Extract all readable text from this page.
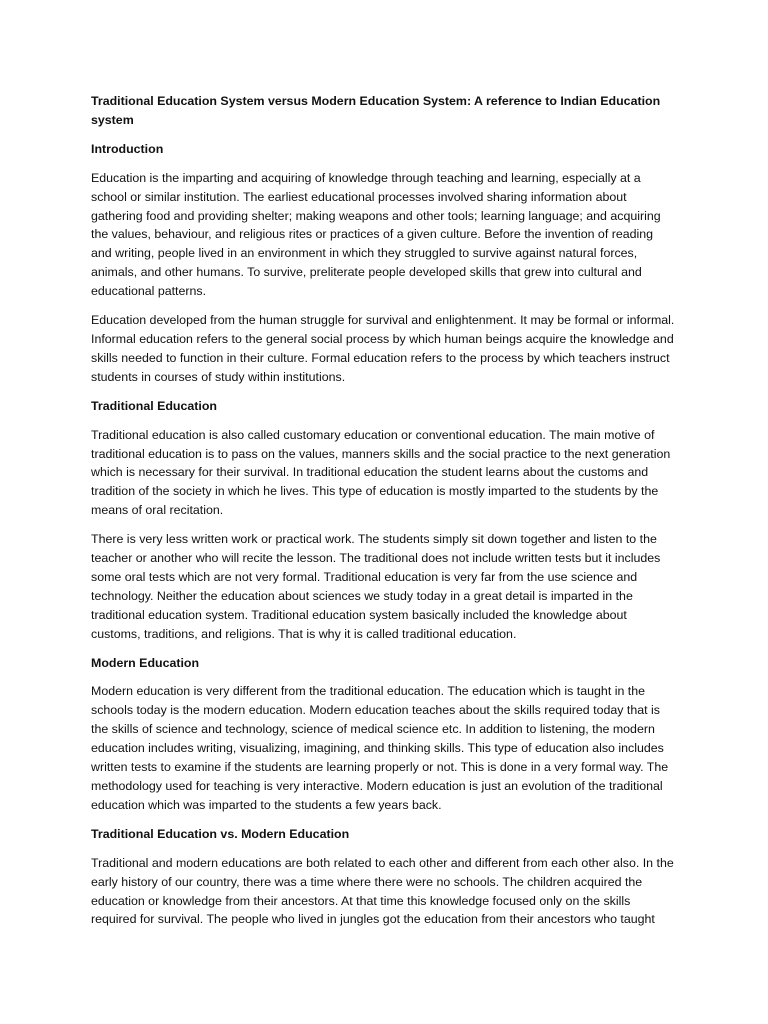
Traditional Education System versus Modern Education System: A reference to Indian Education system

Introduction

Education is the imparting and acquiring of knowledge through teaching and learning, especially at a school or similar institution. The earliest educational processes involved sharing information about gathering food and providing shelter; making weapons and other tools; learning language; and acquiring the values, behaviour, and religious rites or practices of a given culture. Before the invention of reading and writing, people lived in an environment in which they struggled to survive against natural forces, animals, and other humans. To survive, preliterate people developed skills that grew into cultural and educational patterns.

Education developed from the human struggle for survival and enlightenment. It may be formal or informal. Informal education refers to the general social process by which human beings acquire the knowledge and skills needed to function in their culture. Formal education refers to the process by which teachers instruct students in courses of study within institutions.

Traditional Education

Traditional education is also called customary education or conventional education. The main motive of traditional education is to pass on the values, manners skills and the social practice to the next generation which is necessary for their survival. In traditional education the student learns about the customs and tradition of the society in which he lives. This type of education is mostly imparted to the students by the means of oral recitation.

There is very less written work or practical work. The students simply sit down together and listen to the teacher or another who will recite the lesson. The traditional does not include written tests but it includes some oral tests which are not very formal. Traditional education is very far from the use science and technology. Neither the education about sciences we study today in a great detail is imparted in the traditional education system. Traditional education system basically included the knowledge about customs, traditions, and religions. That is why it is called traditional education.

Modern Education

Modern education is very different from the traditional education. The education which is taught in the schools today is the modern education. Modern education teaches about the skills required today that is the skills of science and technology, science of medical science etc. In addition to listening, the modern education includes writing, visualizing, imagining, and thinking skills. This type of education also includes written tests to examine if the students are learning properly or not. This is done in a very formal way. The methodology used for teaching is very interactive. Modern education is just an evolution of the traditional education which was imparted to the students a few years back.

Traditional Education vs. Modern Education

Traditional and modern educations are both related to each other and different from each other also. In the early history of our country, there was a time where there were no schools. The children acquired the education or knowledge from their ancestors. At that time this knowledge focused only on the skills required for survival. The people who lived in jungles got the education from their ancestors who taught
